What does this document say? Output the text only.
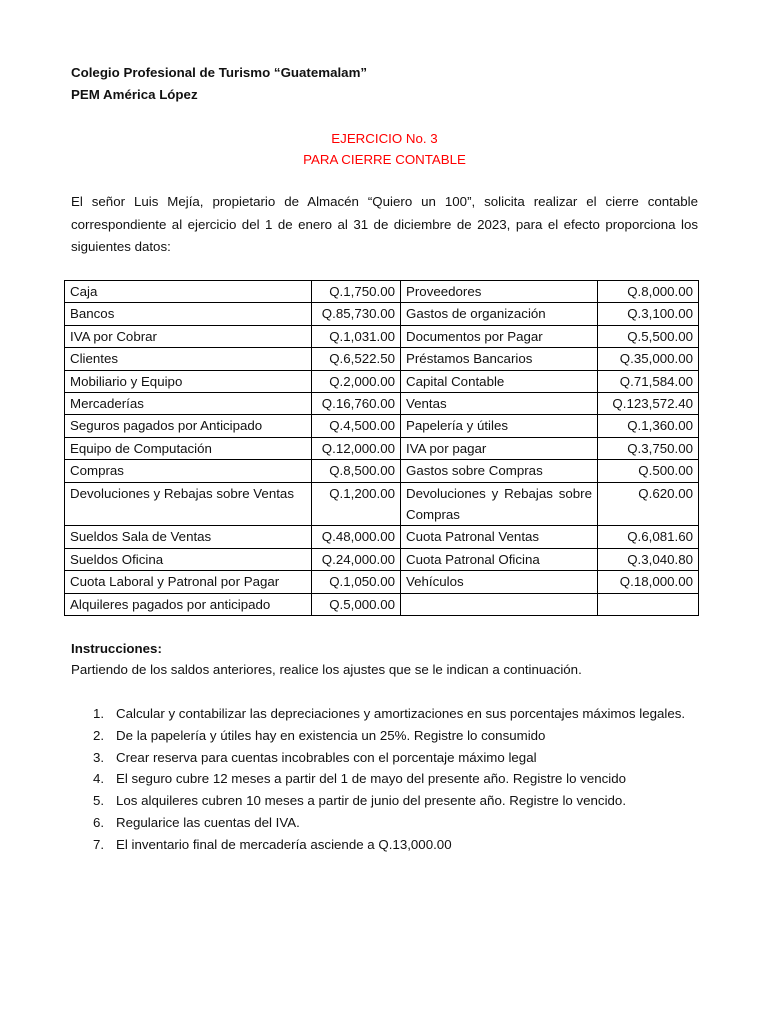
Colegio Profesional de Turismo “Guatemalam”
PEM América López
EJERCICIO No. 3
PARA CIERRE CONTABLE
El señor Luis Mejía, propietario de Almacén “Quiero un 100”, solicita realizar el cierre contable correspondiente al ejercicio del 1 de enero al 31 de diciembre de 2023, para el efecto proporciona los siguientes datos:
Caja	Q.1,750.00	Proveedores	Q.8,000.00
Bancos	Q.85,730.00	Gastos de organización	Q.3,100.00
IVA por Cobrar	Q.1,031.00	Documentos por Pagar	Q.5,500.00
Clientes	Q.6,522.50	Préstamos Bancarios	Q.35,000.00
Mobiliario y Equipo	Q.2,000.00	Capital Contable	Q.71,584.00
Mercaderías	Q.16,760.00	Ventas	Q.123,572.40
Seguros pagados por Anticipado	Q.4,500.00	Papelería y útiles	Q.1,360.00
Equipo de Computación	Q.12,000.00	IVA por pagar	Q.3,750.00
Compras	Q.8,500.00	Gastos sobre Compras	Q.500.00
Devoluciones y Rebajas sobre Ventas	Q.1,200.00	Devoluciones y Rebajas sobre Compras	Q.620.00
Sueldos Sala de Ventas	Q.48,000.00	Cuota Patronal Ventas	Q.6,081.60
Sueldos Oficina	Q.24,000.00	Cuota Patronal Oficina	Q.3,040.80
Cuota Laboral y Patronal por Pagar	Q.1,050.00	Vehículos	Q.18,000.00
Alquileres pagados por anticipado	Q.5,000.00		
Instrucciones:
Partiendo de los saldos anteriores, realice los ajustes que se le indican a continuación.
1. Calcular y contabilizar las depreciaciones y amortizaciones en sus porcentajes máximos legales.
2. De la papelería y útiles hay en existencia un 25%. Registre lo consumido
3. Crear reserva para cuentas incobrables con el porcentaje máximo legal
4. El seguro cubre 12 meses a partir del 1 de mayo del presente año. Registre lo vencido
5. Los alquileres cubren 10 meses a partir de junio del presente año. Registre lo vencido.
6. Regularice las cuentas del IVA.
7. El inventario final de mercadería asciende a Q.13,000.00
